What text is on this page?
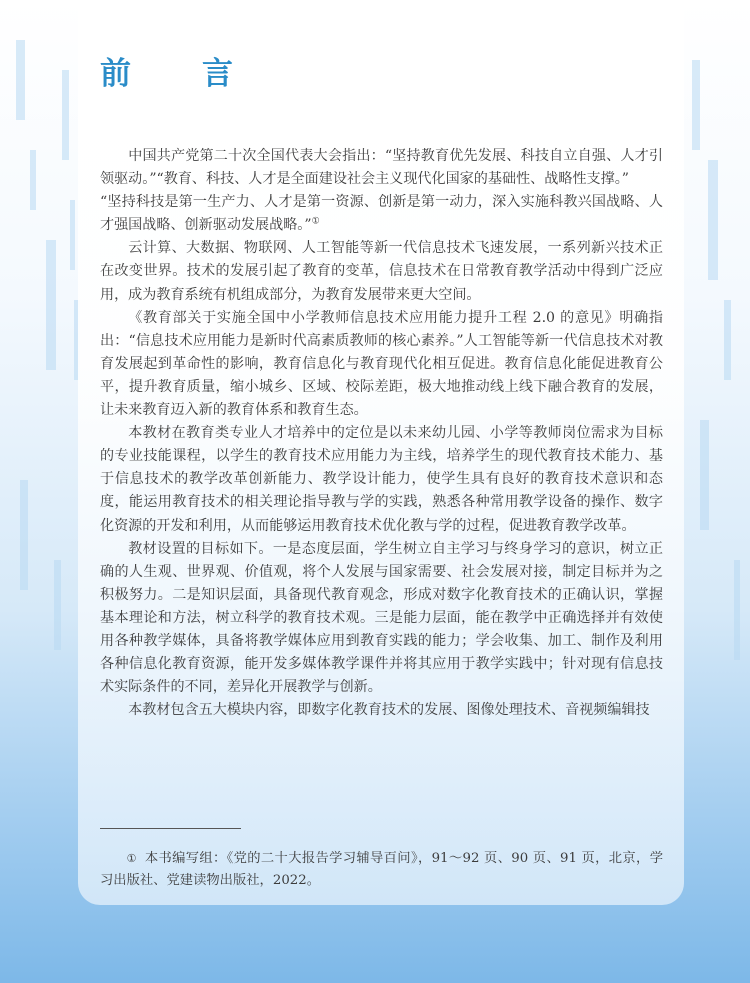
前　言

中国共产党第二十次全国代表大会指出：“坚持教育优先发展、科技自立自强、人才引领驱动。”“教育、科技、人才是全面建设社会主义现代化国家的基础性、战略性支撑。”

“坚持科技是第一生产力、人才是第一资源、创新是第一动力，深入实施科教兴国战略、人才强国战略、创新驱动发展战略。”①

云计算、大数据、物联网、人工智能等新一代信息技术飞速发展，一系列新兴技术正在改变世界。技术的发展引起了教育的变革，信息技术在日常教育教学活动中得到广泛应用，成为教育系统有机组成部分，为教育发展带来更大空间。

《教育部关于实施全国中小学教师信息技术应用能力提升工程 2.0 的意见》明确指出：“信息技术应用能力是新时代高素质教师的核心素养。”人工智能等新一代信息技术对教育发展起到革命性的影响，教育信息化与教育现代化相互促进。教育信息化能促进教育公平，提升教育质量，缩小城乡、区域、校际差距，极大地推动线上线下融合教育的发展，让未来教育迈入新的教育体系和教育生态。

本教材在教育类专业人才培养中的定位是以未来幼儿园、小学等教师岗位需求为目标的专业技能课程，以学生的教育技术应用能力为主线，培养学生的现代教育技术能力、基于信息技术的教学改革创新能力、教学设计能力，使学生具有良好的教育技术意识和态度，能运用教育技术的相关理论指导教与学的实践，熟悉各种常用教学设备的操作、数字化资源的开发和利用，从而能够运用教育技术优化教与学的过程，促进教育教学改革。

教材设置的目标如下。一是态度层面，学生树立自主学习与终身学习的意识，树立正确的人生观、世界观、价值观，将个人发展与国家需要、社会发展对接，制定目标并为之积极努力。二是知识层面，具备现代教育观念，形成对数字化教育技术的正确认识，掌握基本理论和方法，树立科学的教育技术观。三是能力层面，能在教学中正确选择并有效使用各种教学媒体，具备将教学媒体应用到教育实践的能力；学会收集、加工、制作及利用各种信息化教育资源，能开发多媒体教学课件并将其应用于教学实践中；针对现有信息技术实际条件的不同，差异化开展教学与创新。

本教材包含五大模块内容，即数字化教育技术的发展、图像处理技术、音视频编辑技

① 本书编写组：《党的二十大报告学习辅导百问》，91～92 页、90 页、91 页，北京，学习出版社、党建读物出版社，2022。
